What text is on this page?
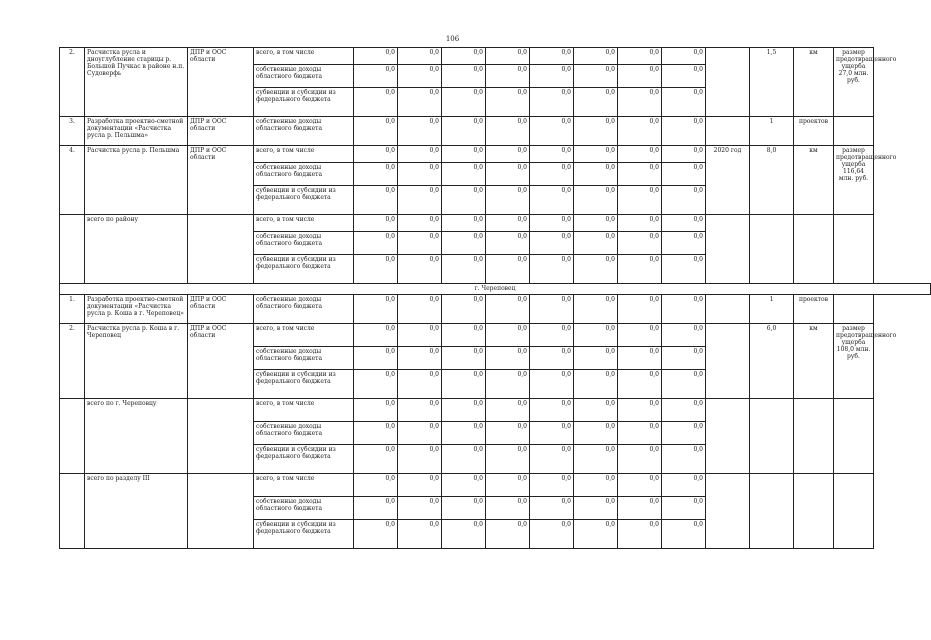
106
2.	Расчистка русла и дноуглубление старицы р. Большой Пучкас в районе н.п. Судоверфь	ДПР и ООС области	всего, в том числе	0,0	0,0	0,0	0,0	0,0	0,0	0,0	0,0		1,5	км	размер предотвращенного ущерба 27,0 млн. руб.
			собственные доходы областного бюджета	0,0	0,0	0,0	0,0	0,0	0,0	0,0	0,0				
			субвенции и субсидии из федерального бюджета	0,0	0,0	0,0	0,0	0,0	0,0	0,0	0,0				
3.	Разработка проектно-сметной документации «Расчистка русла р. Пельшма»	ДПР и ООС области	собственные доходы областного бюджета	0,0	0,0	0,0	0,0	0,0	0,0	0,0	0,0		1	проектов	
4.	Расчистка русла р. Пельшма	ДПР и ООС области	всего, в том числе	0,0	0,0	0,0	0,0	0,0	0,0	0,0	0,0	2020 год	8,0	км	размер предотвращенного ущерба 116,64 млн. руб.
			собственные доходы областного бюджета	0,0	0,0	0,0	0,0	0,0	0,0	0,0	0,0				
			субвенции и субсидии из федерального бюджета	0,0	0,0	0,0	0,0	0,0	0,0	0,0	0,0				
	всего по району		всего, в том числе	0,0	0,0	0,0	0,0	0,0	0,0	0,0	0,0				
			собственные доходы областного бюджета	0,0	0,0	0,0	0,0	0,0	0,0	0,0	0,0				
			субвенции и субсидии из федерального бюджета	0,0	0,0	0,0	0,0	0,0	0,0	0,0	0,0				
г. Череповец															
1.	Разработка проектно-сметной документации «Расчистка русла р. Коша в г. Череповец»	ДПР и ООС области	собственные доходы областного бюджета	0,0	0,0	0,0	0,0	0,0	0,0	0,0	0,0		1	проектов	
2.	Расчистка русла р. Коша в г. Череповец	ДПР и ООС области	всего, в том числе	0,0	0,0	0,0	0,0	0,0	0,0	0,0	0,0		6,0	км	размер предотвращенного ущерба 108,0 млн. руб.
			собственные доходы областного бюджета	0,0	0,0	0,0	0,0	0,0	0,0	0,0	0,0				
			субвенции и субсидии из федерального бюджета	0,0	0,0	0,0	0,0	0,0	0,0	0,0	0,0				
	всего по г. Череповцу		всего, в том числе	0,0	0,0	0,0	0,0	0,0	0,0	0,0	0,0				
			собственные доходы областного бюджета	0,0	0,0	0,0	0,0	0,0	0,0	0,0	0,0				
			субвенции и субсидии из федерального бюджета	0,0	0,0	0,0	0,0	0,0	0,0	0,0	0,0				
	всего по разделу III		всего, в том числе	0,0	0,0	0,0	0,0	0,0	0,0	0,0	0,0				
			собственные доходы областного бюджета	0,0	0,0	0,0	0,0	0,0	0,0	0,0	0,0				
			субвенции и субсидии из федерального бюджета	0,0	0,0	0,0	0,0	0,0	0,0	0,0	0,0				
